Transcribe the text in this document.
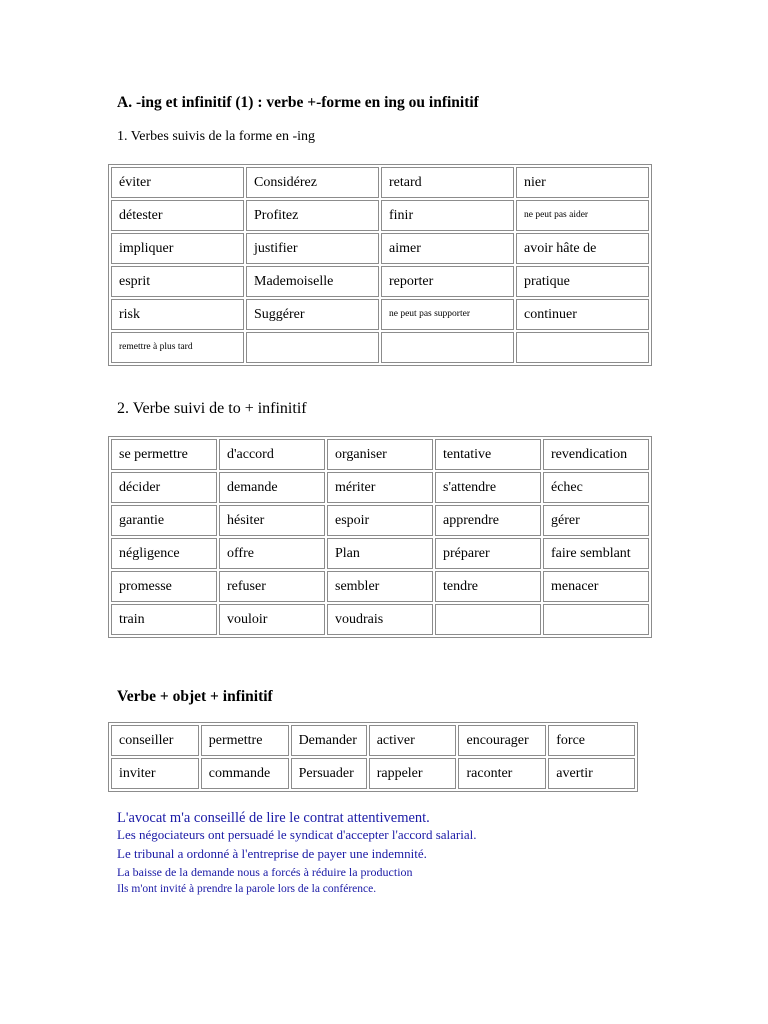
A. -ing et infinitif (1) : verbe +-forme en ing ou infinitif
1. Verbes suivis de la forme en -ing
éviter	Considérez	retard	nier
détester	Profitez	finir	ne peut pas aider
impliquer	justifier	aimer	avoir hâte de
esprit	Mademoiselle	reporter	pratique
risk	Suggérer	ne peut pas supporter	continuer
remettre à plus tard			
2. Verbe suivi de to + infinitif
se permettre	d'accord	organiser	tentative	revendication
décider	demande	mériter	s'attendre	échec
garantie	hésiter	espoir	apprendre	gérer
négligence	offre	Plan	préparer	faire semblant
promesse	refuser	sembler	tendre	menacer
train	vouloir	voudrais		
Verbe + objet + infinitif
conseiller	permettre	Demander	activer	encourager	force
inviter	commande	Persuader	rappeler	raconter	avertir
L'avocat m'a conseillé de lire le contrat attentivement.
Les négociateurs ont persuadé le syndicat d'accepter l'accord salarial.
Le tribunal a ordonné à l'entreprise de payer une indemnité.
La baisse de la demande nous a forcés à réduire la production
Ils m'ont invité à prendre la parole lors de la conférence.
